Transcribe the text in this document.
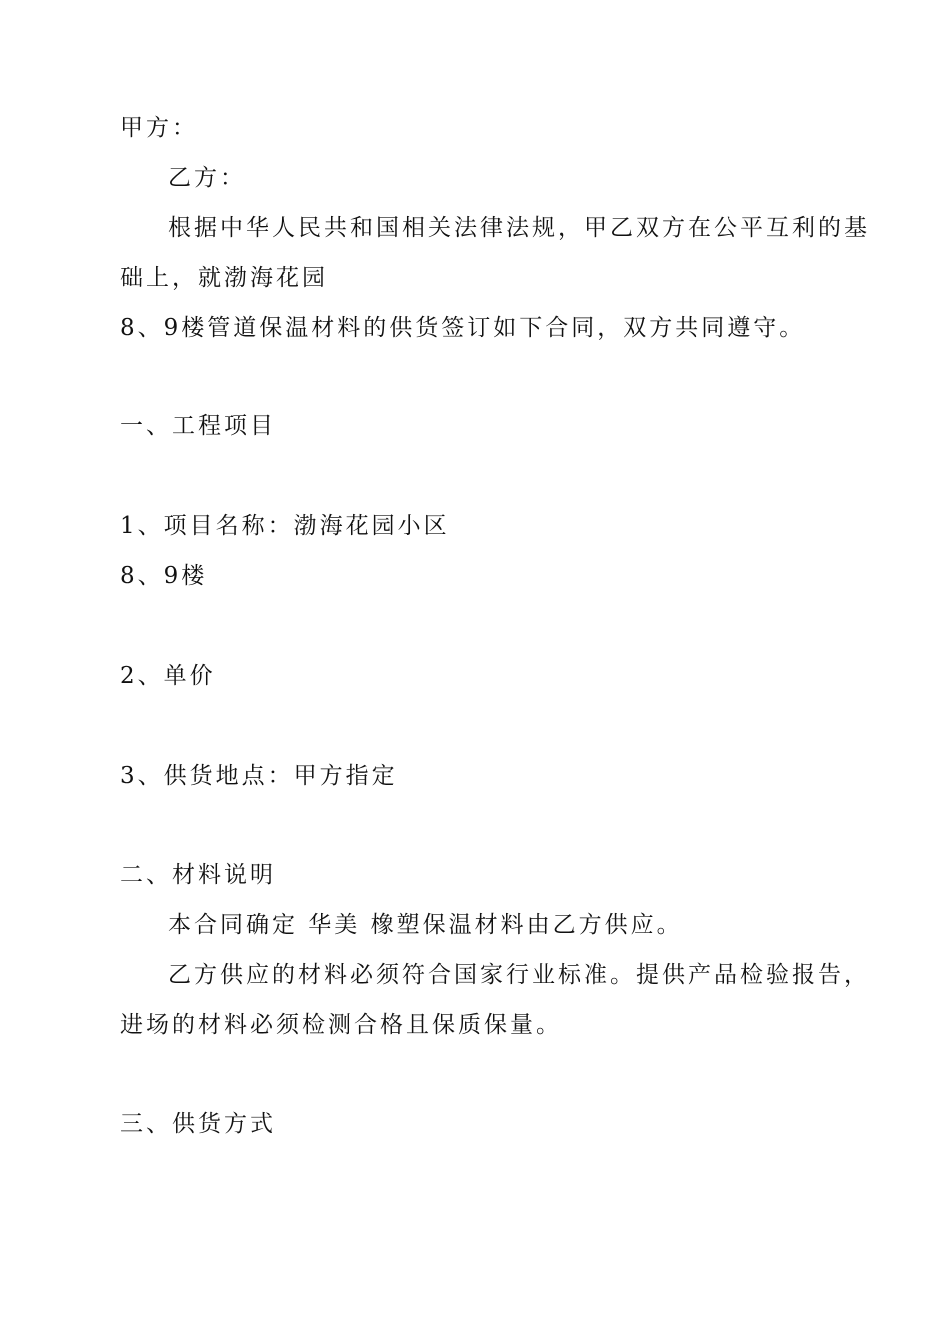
甲方：

乙方：

根据中华人民共和国相关法律法规，甲乙双方在公平互利的基

础上，就渤海花园

8、9楼管道保温材料的供货签订如下合同，双方共同遵守。

一、工程项目

1、项目名称：渤海花园小区

8、9楼

2、单价

3、供货地点：甲方指定

二、材料说明

本合同确定 华美 橡塑保温材料由乙方供应。

乙方供应的材料必须符合国家行业标准。提供产品检验报告，

进场的材料必须检测合格且保质保量。

三、供货方式
